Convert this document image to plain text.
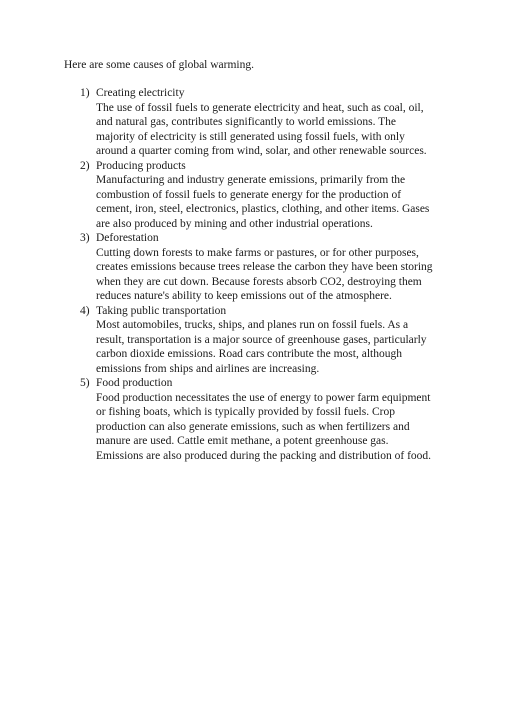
Here are some causes of global warming.

1) Creating electricity
The use of fossil fuels to generate electricity and heat, such as coal, oil,
and natural gas, contributes significantly to world emissions. The
majority of electricity is still generated using fossil fuels, with only
around a quarter coming from wind, solar, and other renewable sources.
2) Producing products
Manufacturing and industry generate emissions, primarily from the
combustion of fossil fuels to generate energy for the production of
cement, iron, steel, electronics, plastics, clothing, and other items. Gases
are also produced by mining and other industrial operations.
3) Deforestation
Cutting down forests to make farms or pastures, or for other purposes,
creates emissions because trees release the carbon they have been storing
when they are cut down. Because forests absorb CO2, destroying them
reduces nature's ability to keep emissions out of the atmosphere.
4) Taking public transportation
Most automobiles, trucks, ships, and planes run on fossil fuels. As a
result, transportation is a major source of greenhouse gases, particularly
carbon dioxide emissions. Road cars contribute the most, although
emissions from ships and airlines are increasing.
5) Food production
Food production necessitates the use of energy to power farm equipment
or fishing boats, which is typically provided by fossil fuels. Crop
production can also generate emissions, such as when fertilizers and
manure are used. Cattle emit methane, a potent greenhouse gas.
Emissions are also produced during the packing and distribution of food.
